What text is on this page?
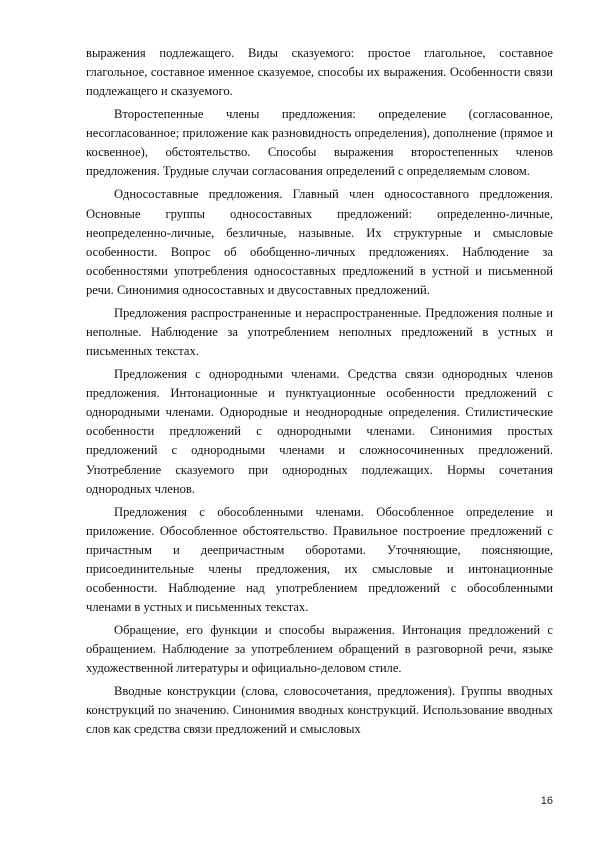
выражения подлежащего. Виды сказуемого: простое глагольное, составное глагольное, составное именное сказуемое, способы их выражения. Особенности связи подлежащего и сказуемого.

Второстепенные члены предложения: определение (согласованное, несогласованное; приложение как разновидность определения), дополнение (прямое и косвенное), обстоятельство. Способы выражения второстепенных членов предложения. Трудные случаи согласования определений с определяемым словом.

Односоставные предложения. Главный член односоставного предложения. Основные группы односоставных предложений: определенно-личные, неопределенно-личные, безличные, назывные. Их структурные и смысловые особенности. Вопрос об обобщенно-личных предложениях. Наблюдение за особенностями употребления односоставных предложений в устной и письменной речи. Синонимия односоставных и двусоставных предложений.

Предложения распространенные и нераспространенные. Предложения полные и неполные. Наблюдение за употреблением неполных предложений в устных и письменных текстах.

Предложения с однородными членами. Средства связи однородных членов предложения. Интонационные и пунктуационные особенности предложений с однородными членами. Однородные и неоднородные определения. Стилистические особенности предложений с однородными членами. Синонимия простых предложений с однородными членами и сложносочиненных предложений. Употребление сказуемого при однородных подлежащих. Нормы сочетания однородных членов.

Предложения с обособленными членами. Обособленное определение и приложение. Обособленное обстоятельство. Правильное построение предложений с причастным и деепричастным оборотами. Уточняющие, поясняющие, присоединительные члены предложения, их смысловые и интонационные особенности. Наблюдение над употреблением предложений с обособленными членами в устных и письменных текстах.

Обращение, его функции и способы выражения. Интонация предложений с обращением. Наблюдение за употреблением обращений в разговорной речи, языке художественной литературы и официально-деловом стиле.

Вводные конструкции (слова, словосочетания, предложения). Группы вводных конструкций по значению. Синонимия вводных конструкций. Использование вводных слов как средства связи предложений и смысловых

16
